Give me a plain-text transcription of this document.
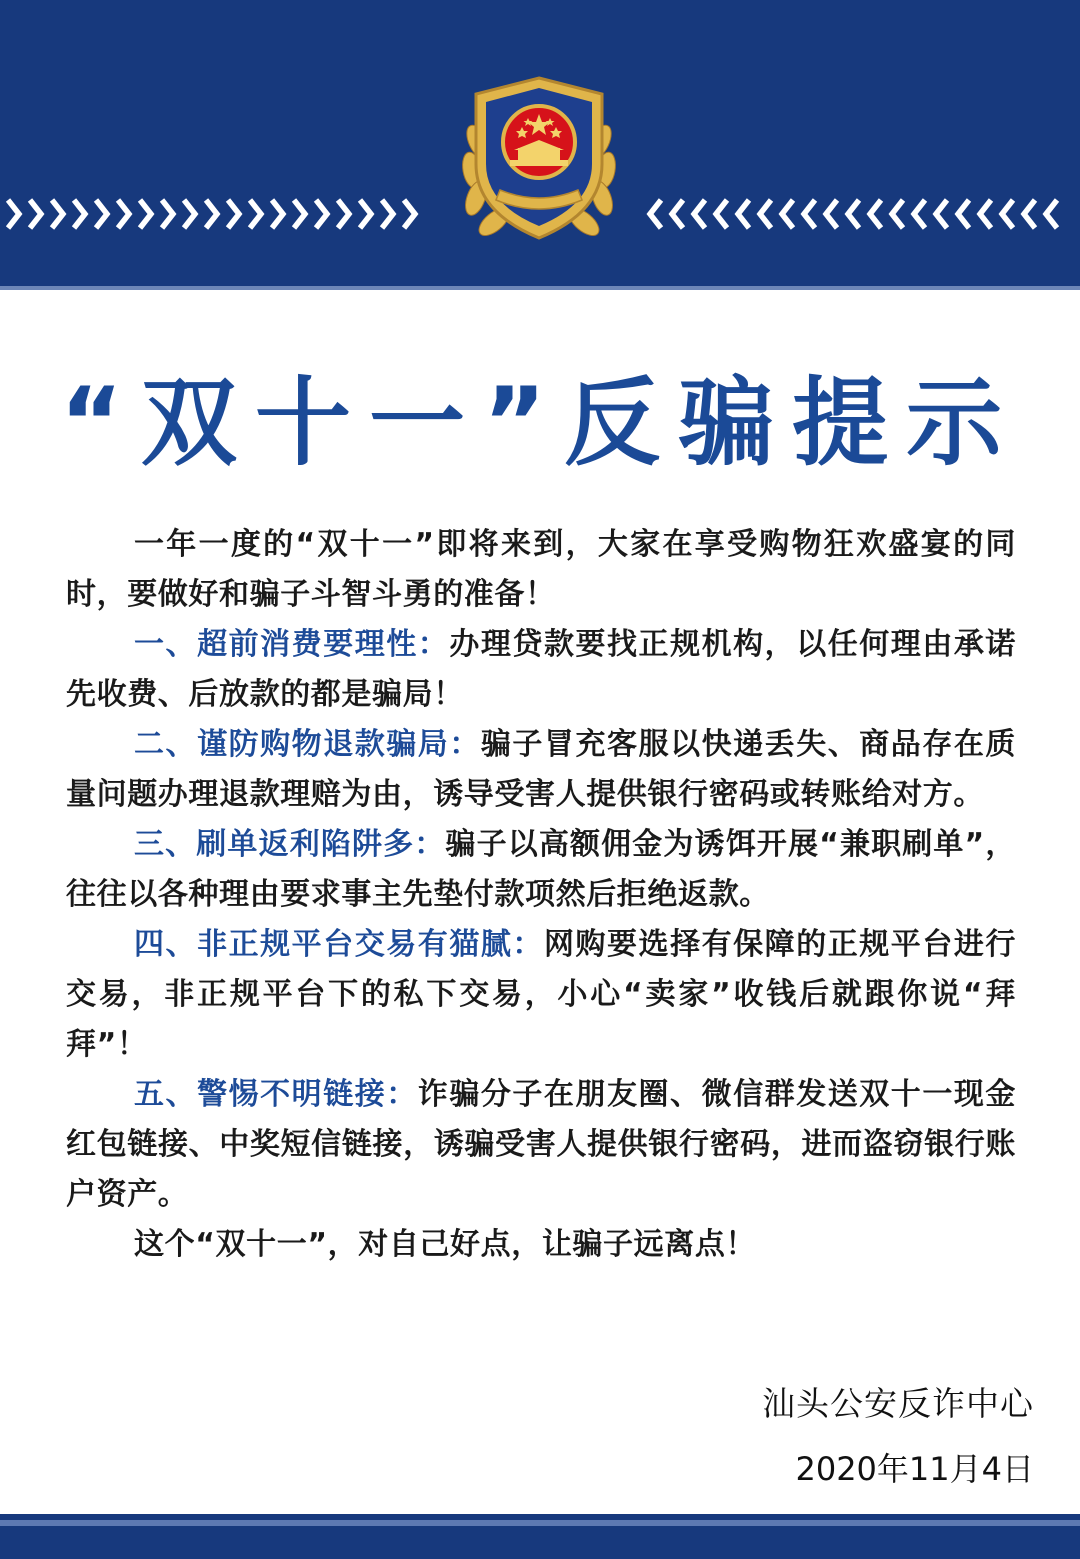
“双十一”反骗提示

一年一度的“双十一”即将来到，大家在享受购物狂欢盛宴的同时，要做好和骗子斗智斗勇的准备！

一、超前消费要理性：办理贷款要找正规机构，以任何理由承诺先收费、后放款的都是骗局！

二、谨防购物退款骗局：骗子冒充客服以快递丢失、商品存在质量问题办理退款理赔为由，诱导受害人提供银行密码或转账给对方。

三、刷单返利陷阱多：骗子以高额佣金为诱饵开展“兼职刷单”，往往以各种理由要求事主先垫付款项然后拒绝返款。

四、非正规平台交易有猫腻：网购要选择有保障的正规平台进行交易，非正规平台下的私下交易，小心“卖家”收钱后就跟你说“拜拜”！

五、警惕不明链接：诈骗分子在朋友圈、微信群发送双十一现金红包链接、中奖短信链接，诱骗受害人提供银行密码，进而盗窃银行账户资产。

这个“双十一”，对自己好点，让骗子远离点！

汕头公安反诈中心
2020年11月4日
